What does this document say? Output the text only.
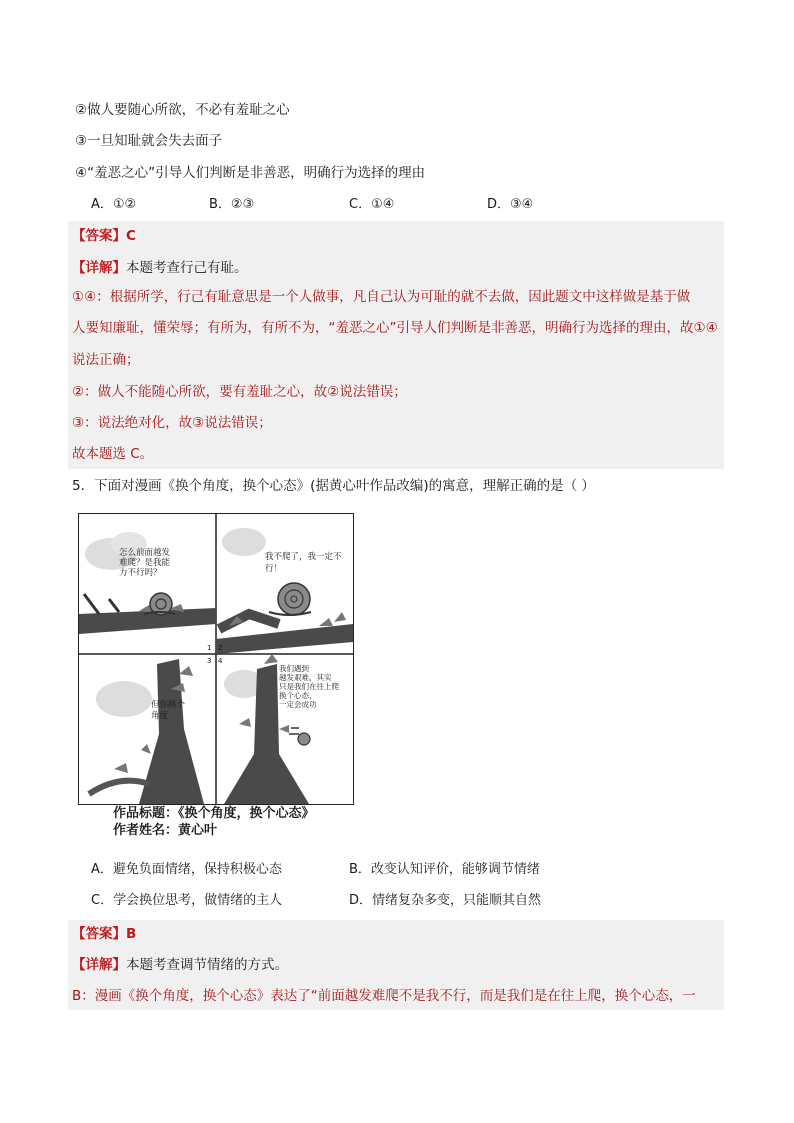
②做人要随心所欲，不必有羞耻之心
③一旦知耻就会失去面子
④“羞恶之心”引导人们判断是非善恶，明确行为选择的理由
A．①②	B．②③	C．①④	D．③④
【答案】C
【详解】本题考查行己有耻。
①④：根据所学，行己有耻意思是一个人做事，凡自己认为可耻的就不去做，因此题文中这样做是基于做
人要知廉耻，懂荣辱；有所为，有所不为，“羞恶之心”引导人们判断是非善恶，明确行为选择的理由，故①④
说法正确；
②：做人不能随心所欲，要有羞耻之心，故②说法错误；
③：说法绝对化，故③说法错误；
故本题选 C。
5．下面对漫画《换个角度，换个心态》(据黄心叶作品改编)的寓意，理解正确的是（ ）
怎么前面越发
难爬？是我能
力不行吗？
我不爬了，我一定不行！
但你换个
角度
我们遇到
越发艰难，其实
只是我们在往上爬
换个心态，
一定会成功
1 2
3 4
作品标题：《换个角度，换个心态》
作者姓名：黄心叶
A．避免负面情绪，保持积极心态	B．改变认知评价，能够调节情绪
C．学会换位思考，做情绪的主人	D．情绪复杂多变，只能顺其自然
【答案】B
【详解】本题考查调节情绪的方式。
B：漫画《换个角度，换个心态》表达了“前面越发难爬不是我不行，而是我们是在往上爬，换个心态，一
